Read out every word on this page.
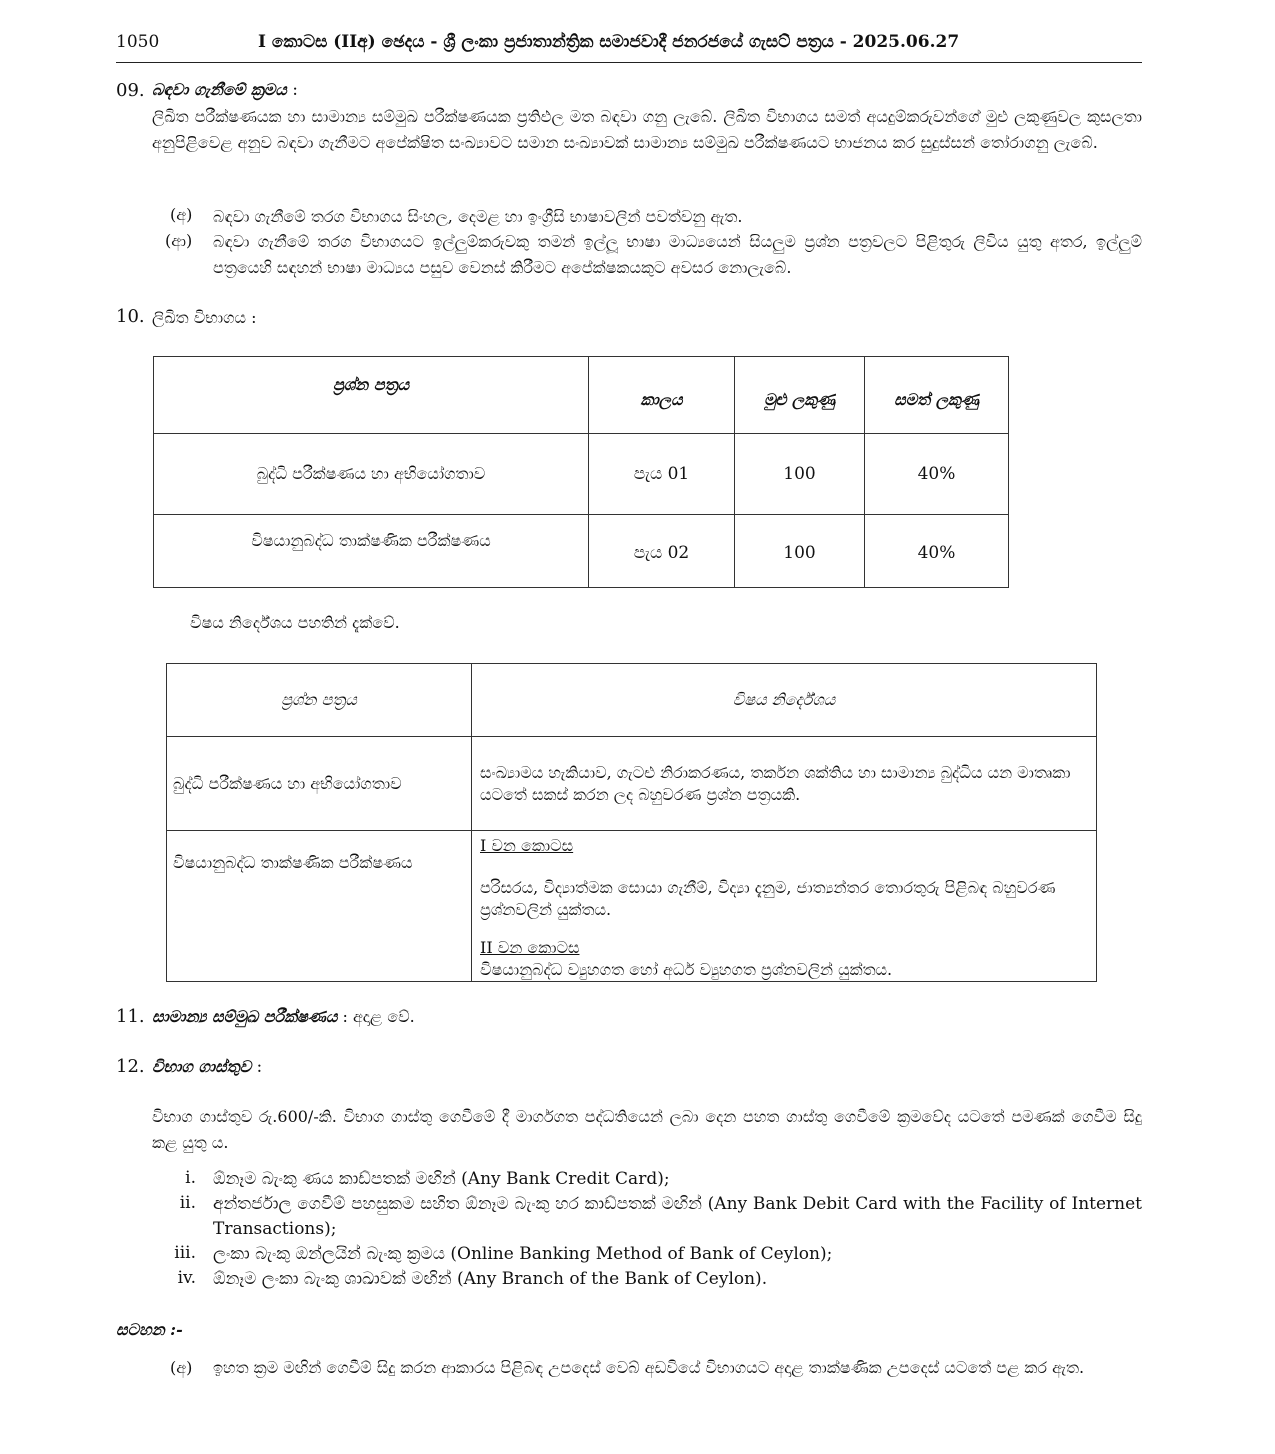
1050	I කොටස (IIඅ) ඡෙදය - ශ්‍රී ලංකා ප්‍රජාතාන්ත්‍රික සමාජවාදී ජනරජයේ ගැසට් පත්‍රය - 2025.06.27
09. බඳවා ගැනීමේ ක්‍රමය :
ලිඛිත පරීක්ෂණයක හා සාමාන්‍ය සම්මුඛ පරීක්ෂණයක ප්‍රතිඵල මත බඳවා ගනු ලැබේ. ලිඛිත විභාගය සමත් අයදුම්කරුවන්ගේ මුළු ලකුණුවල කුසලතා අනුපිළිවෙළ අනුව බඳවා ගැනීමට අපේක්ෂිත සංඛ්‍යාවට සමාන සංඛ්‍යාවක් සාමාන්‍ය සම්මුඛ පරීක්ෂණයට භාජනය කර සුදුස්සන් තෝරාගනු ලැබේ.
(අ) බඳවා ගැනීමේ තරග විභාගය සිංහල, දෙමළ හා ඉංග්‍රීසි භාෂාවලින් පවත්වනු ඇත.
(ආ) බඳවා ගැනීමේ තරග විභාගයට ඉල්ලුම්කරුවකු තමන් ඉල්ලූ භාෂා මාධ්‍යයෙන් සියලුම ප්‍රශ්න පත්‍රවලට පිළිතුරු ලිවිය යුතු අතර, ඉල්ලුම් පත්‍රයෙහි සඳහන් භාෂා මාධ්‍යය පසුව වෙනස් කිරීමට අපේක්ෂකයකුට අවසර නොලැබේ.
10. ලිඛිත විභාගය :
ප්‍රශ්න පත්‍රය	කාලය	මුළු ලකුණු	සමත් ලකුණු
බුද්ධි පරීක්ෂණය හා අභියෝගතාව	පැය 01	100	40%
විෂයානුබද්ධ තාක්ෂණික පරීක්ෂණය	පැය 02	100	40%
විෂය නිර්දේශය පහතින් දැක්වේ.
ප්‍රශ්න පත්‍රය	විෂය නිර්දේශය
බුද්ධි පරීක්ෂණය හා අභියෝගතාව	සංඛ්‍යාමය හැකියාව, ගැටළු නිරාකරණය, තර්කන ශක්තිය හා සාමාන්‍ය බුද්ධිය යන මාතෘකා යටතේ සකස් කරන ලද බහුවරණ ප්‍රශ්න පත්‍රයකි.
විෂයානුබද්ධ තාක්ෂණික පරීක්ෂණය	I වන කොටස
පරිසරය, විද්‍යාත්මක සොයා ගැනීම්, විද්‍යා දැනුම, ජාත්‍යන්තර තොරතුරු පිළිබඳ බහුවරණ ප්‍රශ්නවලින් යුක්තය.
II වන කොටස
විෂයානුබද්ධ ව්‍යුහගත හෝ අර්ධ ව්‍යුහගත ප්‍රශ්නවලින් යුක්තය.
11. සාමාන්‍ය සම්මුඛ පරීක්ෂණය : අදාළ වේ.
12. විභාග ගාස්තුව :
විභාග ගාස්තුව රු.600/-කි. විභාග ගාස්තු ගෙවීමේ දී මාර්ගගත පද්ධතියෙන් ලබා දෙන පහත ගාස්තු ගෙවීමේ ක්‍රමවේද යටතේ පමණක් ගෙවීම සිදු කළ යුතු ය.
i. ඕනෑම බැංකු ණය කාඩ්පතක් මඟින් (Any Bank Credit Card);
ii. අන්තර්ජාල ගෙවීම් පහසුකම සහිත ඕනෑම බැංකු හර කාඩ්පතක් මඟින් (Any Bank Debit Card with the Facility of Internet Transactions);
iii. ලංකා බැංකු ඔන්ලයින් බැංකු ක්‍රමය (Online Banking Method of Bank of Ceylon);
iv. ඕනෑම ලංකා බැංකු ශාඛාවක් මඟින් (Any Branch of the Bank of Ceylon).
සටහන :-
(අ) ඉහත ක්‍රම මඟින් ගෙවීම් සිදු කරන ආකාරය පිළිබඳ උපදෙස් වෙබ් අඩවියේ විභාගයට අදාළ තාක්ෂණික උපදෙස් යටතේ පළ කර ඇත.
